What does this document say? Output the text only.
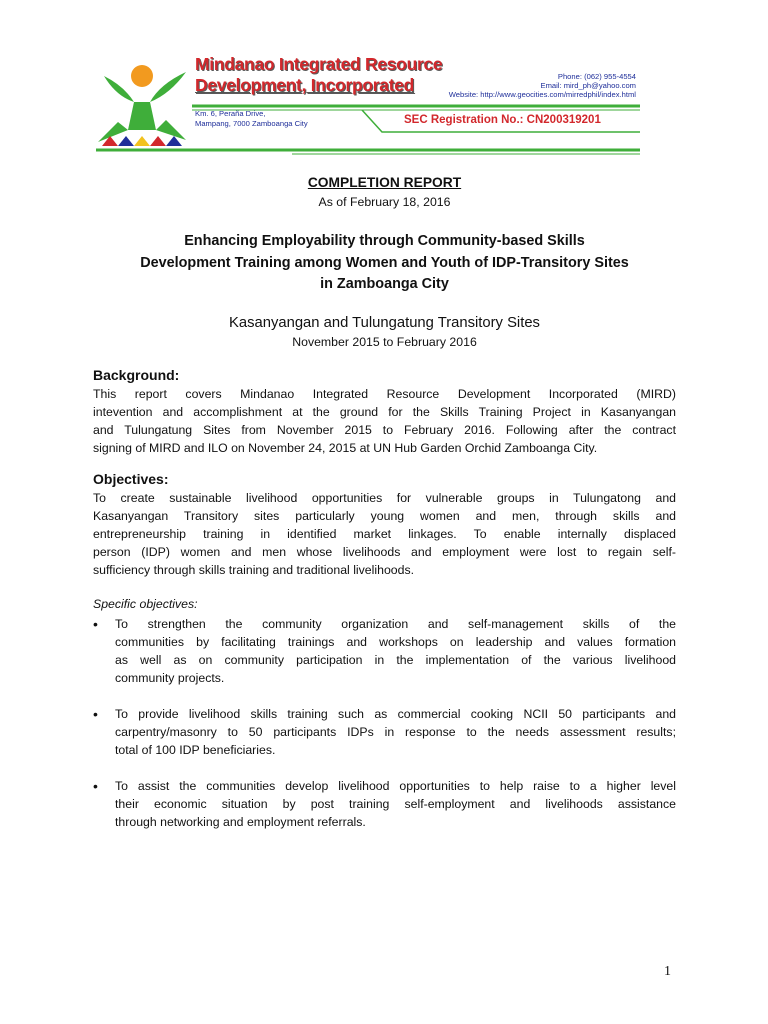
Mindanao Integrated Resource
Development, Incorporated
Km. 6, Peraña Drive,
Mampang, 7000 Zamboanga City
Phone: (062) 955-4554
Email: mird_ph@yahoo.com
Website: http://www.geocities.com/mirredphil/index.html
SEC Registration No.: CN200319201
COMPLETION REPORT
As of February 18, 2016
Enhancing Employability through Community-based Skills
Development Training among Women and Youth of IDP-Transitory Sites
in Zamboanga City
Kasanyangan and Tulungatung Transitory Sites
November 2015 to February 2016
Background:
This report covers Mindanao Integrated Resource Development Incorporated (MIRD)
intevention and accomplishment at the ground for the Skills Training Project in Kasanyangan
and Tulungatung Sites from November 2015 to February 2016. Following after the contract
signing of MIRD and ILO on November 24, 2015 at UN Hub Garden Orchid Zamboanga City.
Objectives:
To create sustainable livelihood opportunities for vulnerable groups in Tulungatong and
Kasanyangan Transitory sites particularly young women and men, through skills and
entrepreneurship training in identified market linkages. To enable internally displaced
person (IDP) women and men whose livelihoods and employment were lost to regain self-
sufficiency through skills training and traditional livelihoods.
Specific objectives:
•	To strengthen the community organization and self-management skills of the
communities by facilitating trainings and workshops on leadership and values formation
as well as on community participation in the implementation of the various livelihood
community projects.
•	To provide livelihood skills training such as commercial cooking NCII 50 participants and
carpentry/masonry to 50 participants IDPs in response to the needs assessment results;
total of 100 IDP beneficiaries.
•	To assist the communities develop livelihood opportunities to help raise to a higher level
their economic situation by post training self-employment and livelihoods assistance
through networking and employment referrals.
1
